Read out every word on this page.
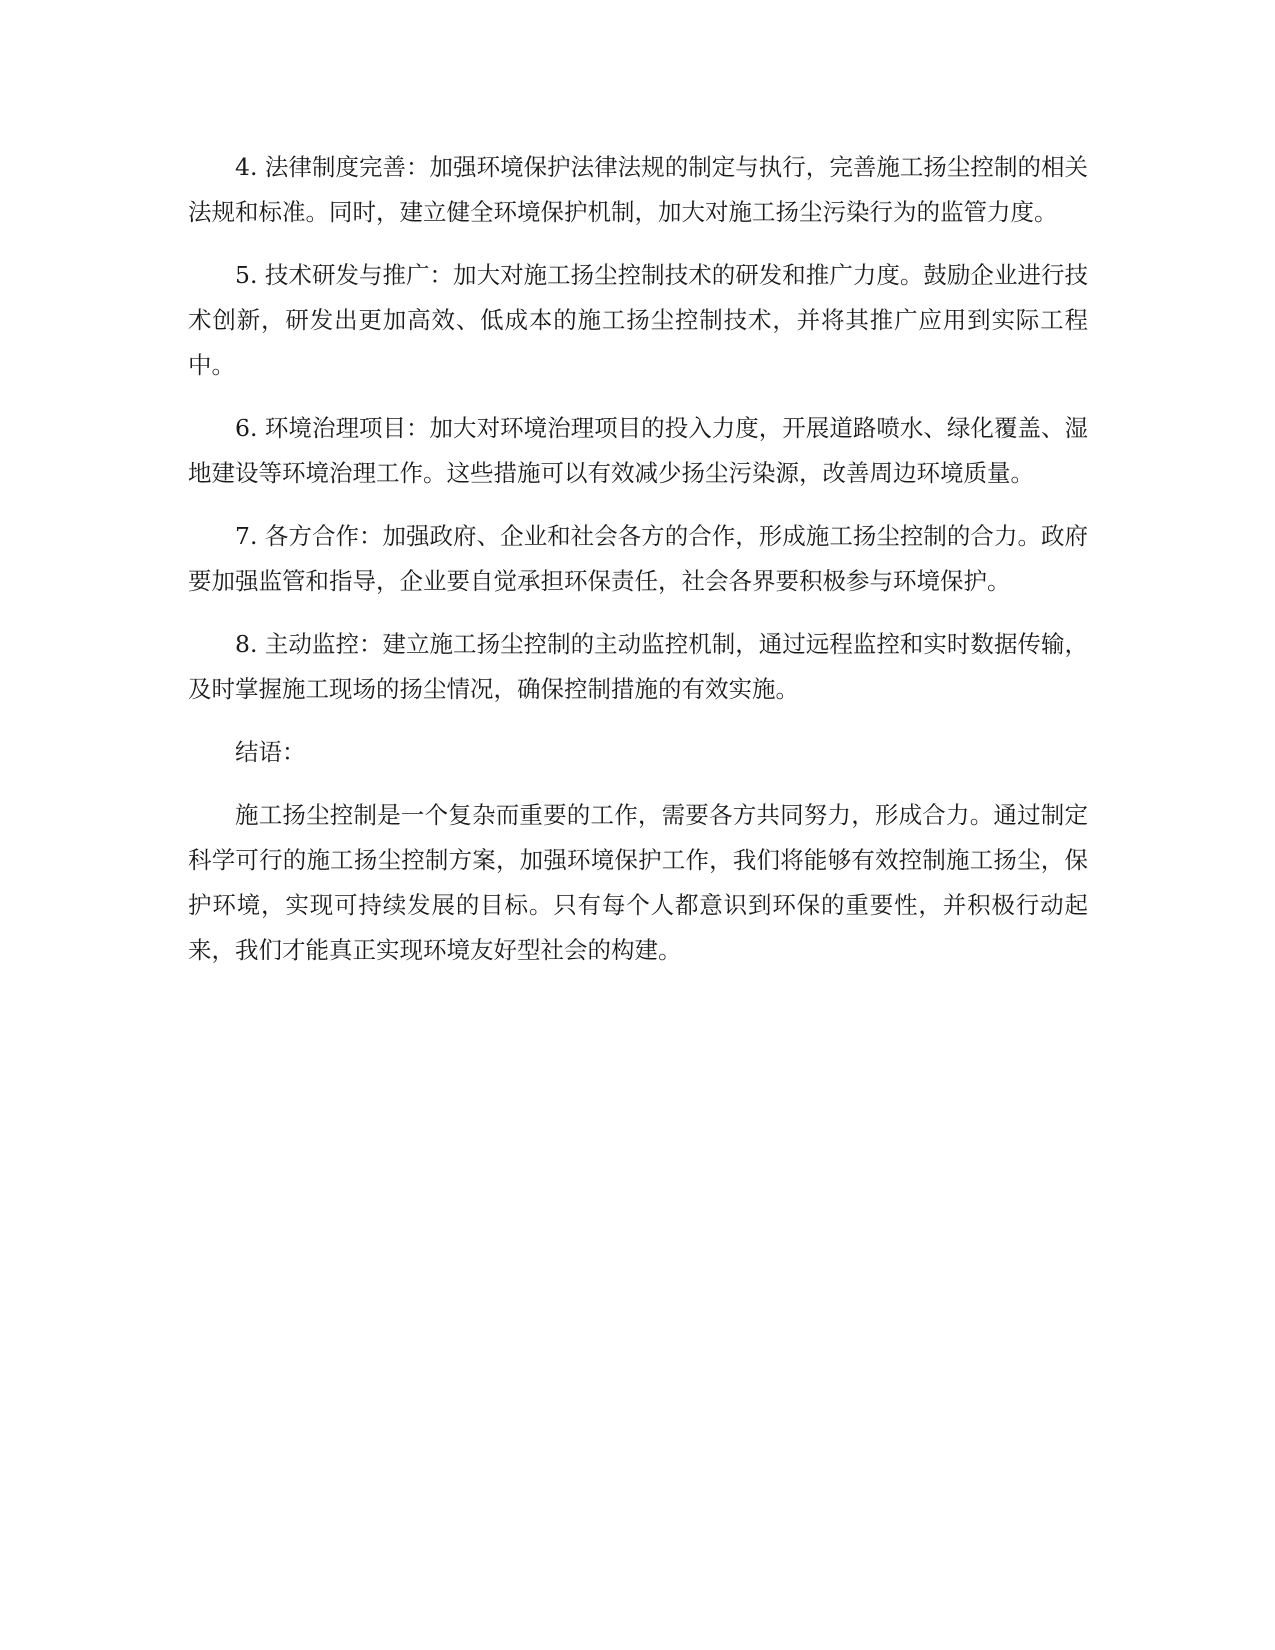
4. 法律制度完善：加强环境保护法律法规的制定与执行，完善施工扬尘控制的相关法规和标准。同时，建立健全环境保护机制，加大对施工扬尘污染行为的监管力度。

5. 技术研发与推广：加大对施工扬尘控制技术的研发和推广力度。鼓励企业进行技术创新，研发出更加高效、低成本的施工扬尘控制技术，并将其推广应用到实际工程中。

6. 环境治理项目：加大对环境治理项目的投入力度，开展道路喷水、绿化覆盖、湿地建设等环境治理工作。这些措施可以有效减少扬尘污染源，改善周边环境质量。

7. 各方合作：加强政府、企业和社会各方的合作，形成施工扬尘控制的合力。政府要加强监管和指导，企业要自觉承担环保责任，社会各界要积极参与环境保护。

8. 主动监控：建立施工扬尘控制的主动监控机制，通过远程监控和实时数据传输，及时掌握施工现场的扬尘情况，确保控制措施的有效实施。

结语：

施工扬尘控制是一个复杂而重要的工作，需要各方共同努力，形成合力。通过制定科学可行的施工扬尘控制方案，加强环境保护工作，我们将能够有效控制施工扬尘，保护环境，实现可持续发展的目标。只有每个人都意识到环保的重要性，并积极行动起来，我们才能真正实现环境友好型社会的构建。
